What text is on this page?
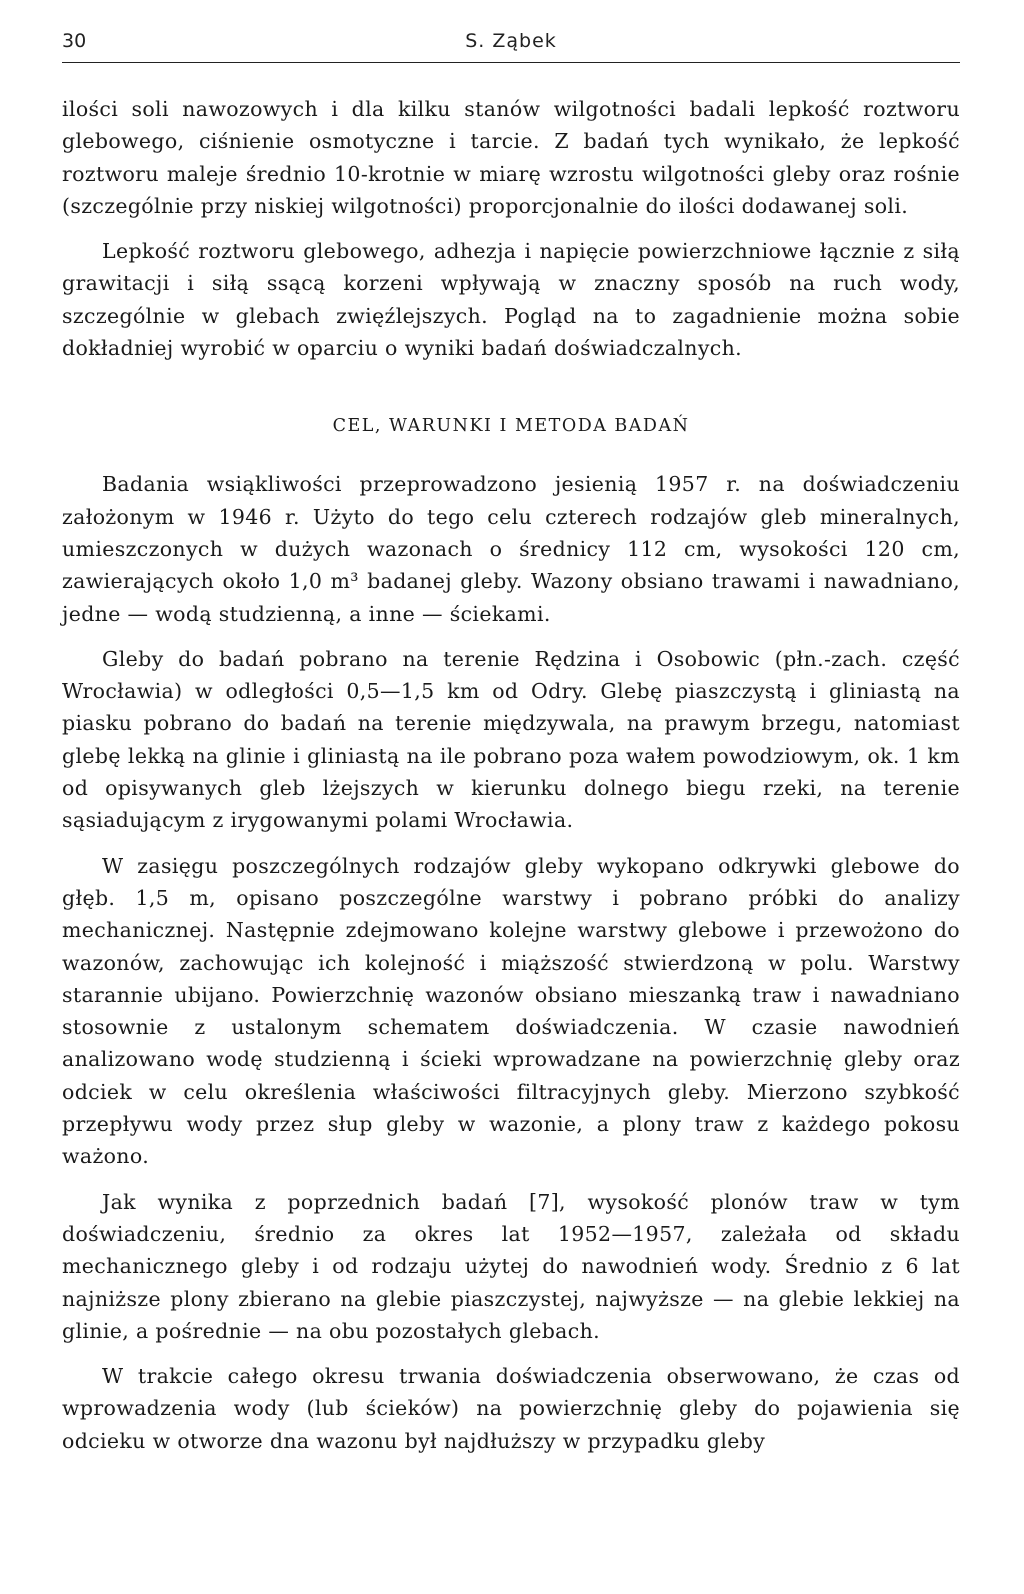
30	S. Ząbek

ilości soli nawozowych i dla kilku stanów wilgotności badali lepkość roztworu glebowego, ciśnienie osmotyczne i tarcie. Z badań tych wynikało, że lepkość roztworu maleje średnio 10-krotnie w miarę wzrostu wilgotności gleby oraz rośnie (szczególnie przy niskiej wilgotności) proporcjonalnie do ilości dodawanej soli.

Lepkość roztworu glebowego, adhezja i napięcie powierzchniowe łącznie z siłą grawitacji i siłą ssącą korzeni wpływają w znaczny sposób na ruch wody, szczególnie w glebach zwięźlejszych. Pogląd na to zagadnienie można sobie dokładniej wyrobić w oparciu o wyniki badań doświadczalnych.

CEL, WARUNKI I METODA BADAŃ

Badania wsiąkliwości przeprowadzono jesienią 1957 r. na doświadczeniu założonym w 1946 r. Użyto do tego celu czterech rodzajów gleb mineralnych, umieszczonych w dużych wazonach o średnicy 112 cm, wysokości 120 cm, zawierających około 1,0 m³ badanej gleby. Wazony obsiano trawami i nawadniano, jedne — wodą studzienną, a inne — ściekami.

Gleby do badań pobrano na terenie Rędzina i Osobowic (płn.-zach. część Wrocławia) w odległości 0,5—1,5 km od Odry. Glebę piaszczystą i gliniastą na piasku pobrano do badań na terenie międzywala, na prawym brzegu, natomiast glebę lekką na glinie i gliniastą na ile pobrano poza wałem powodziowym, ok. 1 km od opisywanych gleb lżejszych w kierunku dolnego biegu rzeki, na terenie sąsiadującym z irygowanymi polami Wrocławia.

W zasięgu poszczególnych rodzajów gleby wykopano odkrywki glebowe do głęb. 1,5 m, opisano poszczególne warstwy i pobrano próbki do analizy mechanicznej. Następnie zdejmowano kolejne warstwy glebowe i przewożono do wazonów, zachowując ich kolejność i miąższość stwierdzoną w polu. Warstwy starannie ubijano. Powierzchnię wazonów obsiano mieszanką traw i nawadniano stosownie z ustalonym schematem doświadczenia. W czasie nawodnień analizowano wodę studzienną i ścieki wprowadzane na powierzchnię gleby oraz odciek w celu określenia właściwości filtracyjnych gleby. Mierzono szybkość przepływu wody przez słup gleby w wazonie, a plony traw z każdego pokosu ważono.

Jak wynika z poprzednich badań [7], wysokość plonów traw w tym doświadczeniu, średnio za okres lat 1952—1957, zależała od składu mechanicznego gleby i od rodzaju użytej do nawodnień wody. Średnio z 6 lat najniższe plony zbierano na glebie piaszczystej, najwyższe — na glebie lekkiej na glinie, a pośrednie — na obu pozostałych glebach.

W trakcie całego okresu trwania doświadczenia obserwowano, że czas od wprowadzenia wody (lub ścieków) na powierzchnię gleby do pojawienia się odcieku w otworze dna wazonu był najdłuższy w przypadku gleby
